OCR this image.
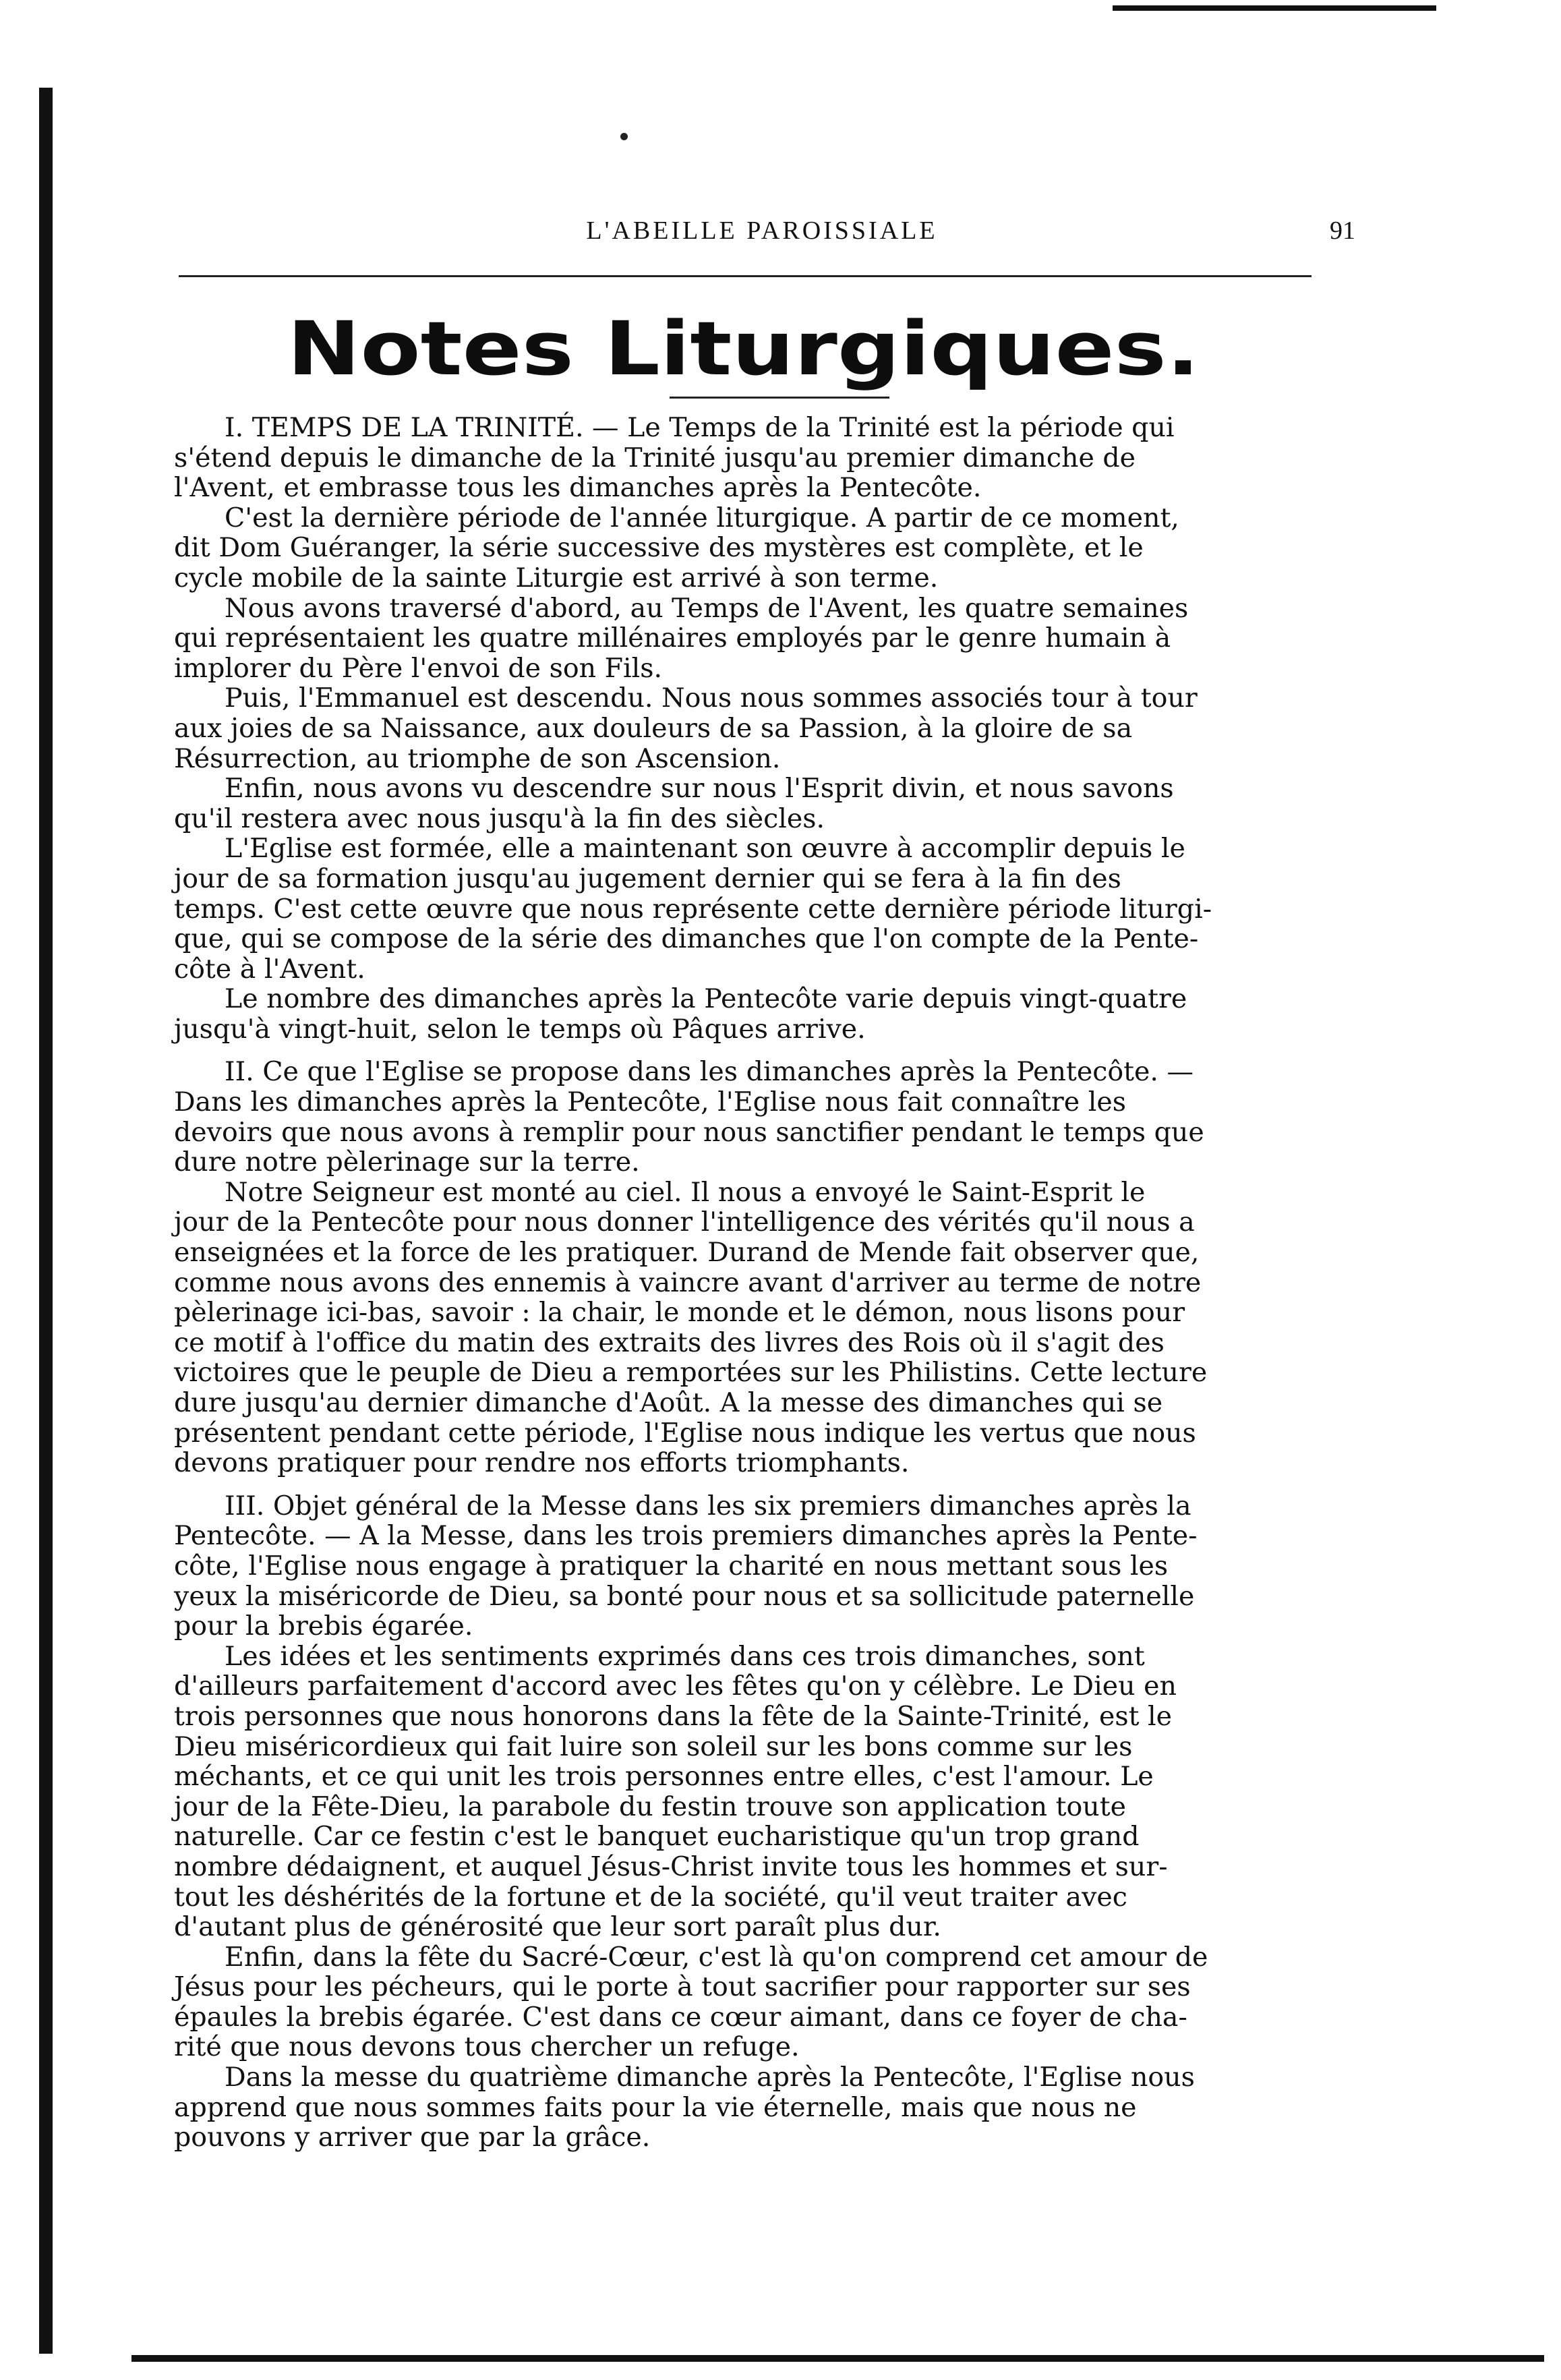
L'ABEILLE PAROISSIALE	91
Notes Liturgiques.
I. TEMPS DE LA TRINITÉ. — Le Temps de la Trinité est la période qui
s'étend depuis le dimanche de la Trinité jusqu'au premier dimanche de
l'Avent, et embrasse tous les dimanches après la Pentecôte.
C'est la dernière période de l'année liturgique. A partir de ce moment,
dit Dom Guéranger, la série successive des mystères est complète, et le
cycle mobile de la sainte Liturgie est arrivé à son terme.
Nous avons traversé d'abord, au Temps de l'Avent, les quatre semaines
qui représentaient les quatre millénaires employés par le genre humain à
implorer du Père l'envoi de son Fils.
Puis, l'Emmanuel est descendu. Nous nous sommes associés tour à tour
aux joies de sa Naissance, aux douleurs de sa Passion, à la gloire de sa
Résurrection, au triomphe de son Ascension.
Enfin, nous avons vu descendre sur nous l'Esprit divin, et nous savons
qu'il restera avec nous jusqu'à la fin des siècles.
L'Eglise est formée, elle a maintenant son œuvre à accomplir depuis le
jour de sa formation jusqu'au jugement dernier qui se fera à la fin des
temps. C'est cette œuvre que nous représente cette dernière période liturgi-
que, qui se compose de la série des dimanches que l'on compte de la Pente-
côte à l'Avent.
Le nombre des dimanches après la Pentecôte varie depuis vingt-quatre
jusqu'à vingt-huit, selon le temps où Pâques arrive.
II. Ce que l'Eglise se propose dans les dimanches après la Pentecôte. —
Dans les dimanches après la Pentecôte, l'Eglise nous fait connaître les
devoirs que nous avons à remplir pour nous sanctifier pendant le temps que
dure notre pèlerinage sur la terre.
Notre Seigneur est monté au ciel. Il nous a envoyé le Saint-Esprit le
jour de la Pentecôte pour nous donner l'intelligence des vérités qu'il nous a
enseignées et la force de les pratiquer. Durand de Mende fait observer que,
comme nous avons des ennemis à vaincre avant d'arriver au terme de notre
pèlerinage ici-bas, savoir : la chair, le monde et le démon, nous lisons pour
ce motif à l'office du matin des extraits des livres des Rois où il s'agit des
victoires que le peuple de Dieu a remportées sur les Philistins. Cette lecture
dure jusqu'au dernier dimanche d'Août. A la messe des dimanches qui se
présentent pendant cette période, l'Eglise nous indique les vertus que nous
devons pratiquer pour rendre nos efforts triomphants.
III. Objet général de la Messe dans les six premiers dimanches après la
Pentecôte. — A la Messe, dans les trois premiers dimanches après la Pente-
côte, l'Eglise nous engage à pratiquer la charité en nous mettant sous les
yeux la miséricorde de Dieu, sa bonté pour nous et sa sollicitude paternelle
pour la brebis égarée.
Les idées et les sentiments exprimés dans ces trois dimanches, sont
d'ailleurs parfaitement d'accord avec les fêtes qu'on y célèbre. Le Dieu en
trois personnes que nous honorons dans la fête de la Sainte-Trinité, est le
Dieu miséricordieux qui fait luire son soleil sur les bons comme sur les
méchants, et ce qui unit les trois personnes entre elles, c'est l'amour. Le
jour de la Fête-Dieu, la parabole du festin trouve son application toute
naturelle. Car ce festin c'est le banquet eucharistique qu'un trop grand
nombre dédaignent, et auquel Jésus-Christ invite tous les hommes et sur-
tout les déshérités de la fortune et de la société, qu'il veut traiter avec
d'autant plus de générosité que leur sort paraît plus dur.
Enfin, dans la fête du Sacré-Cœur, c'est là qu'on comprend cet amour de
Jésus pour les pécheurs, qui le porte à tout sacrifier pour rapporter sur ses
épaules la brebis égarée. C'est dans ce cœur aimant, dans ce foyer de cha-
rité que nous devons tous chercher un refuge.
Dans la messe du quatrième dimanche après la Pentecôte, l'Eglise nous
apprend que nous sommes faits pour la vie éternelle, mais que nous ne
pouvons y arriver que par la grâce.
